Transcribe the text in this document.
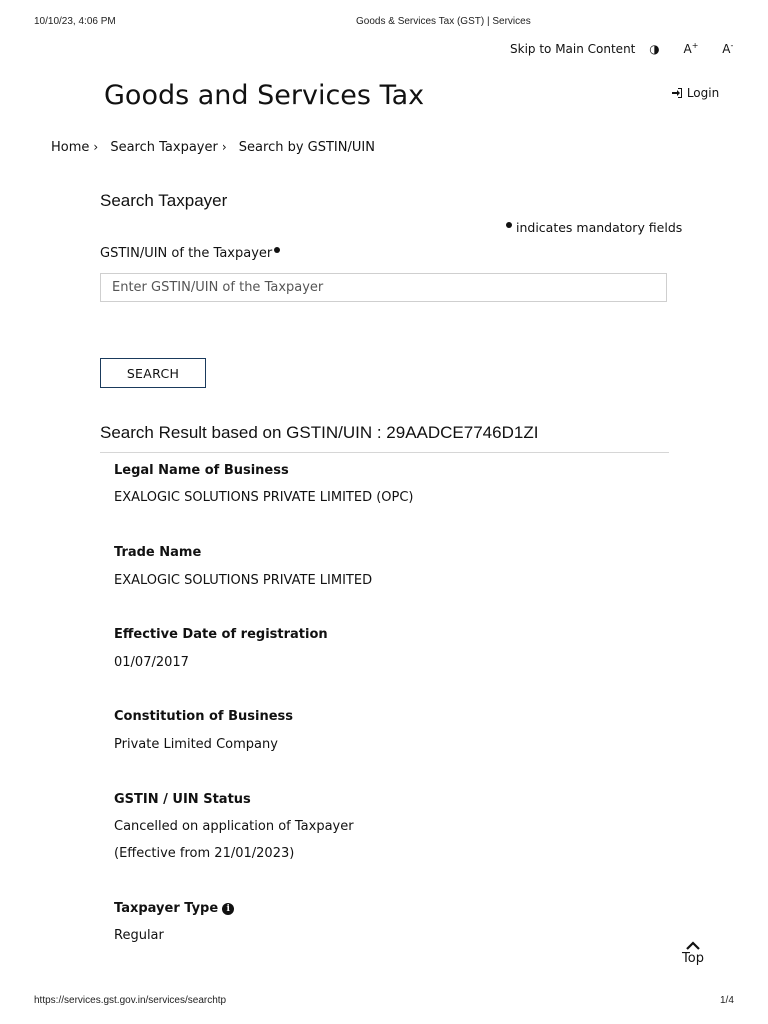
10/10/23, 4:06 PM	Goods & Services Tax (GST) | Services
Skip to Main Content ◑ A+ A-
Goods and Services Tax	Login
Home › Search Taxpayer › Search by GSTIN/UIN
Search Taxpayer
indicates mandatory fields
GSTIN/UIN of the Taxpayer
Enter GSTIN/UIN of the Taxpayer
SEARCH
Search Result based on GSTIN/UIN : 29AADCE7746D1ZI
Legal Name of Business
EXALOGIC SOLUTIONS PRIVATE LIMITED (OPC)
Trade Name
EXALOGIC SOLUTIONS PRIVATE LIMITED
Effective Date of registration
01/07/2017
Constitution of Business
Private Limited Company
GSTIN / UIN Status
Cancelled on application of Taxpayer
(Effective from 21/01/2023)
Taxpayer Type i
Regular
Top
https://services.gst.gov.in/services/searchtp	1/4
